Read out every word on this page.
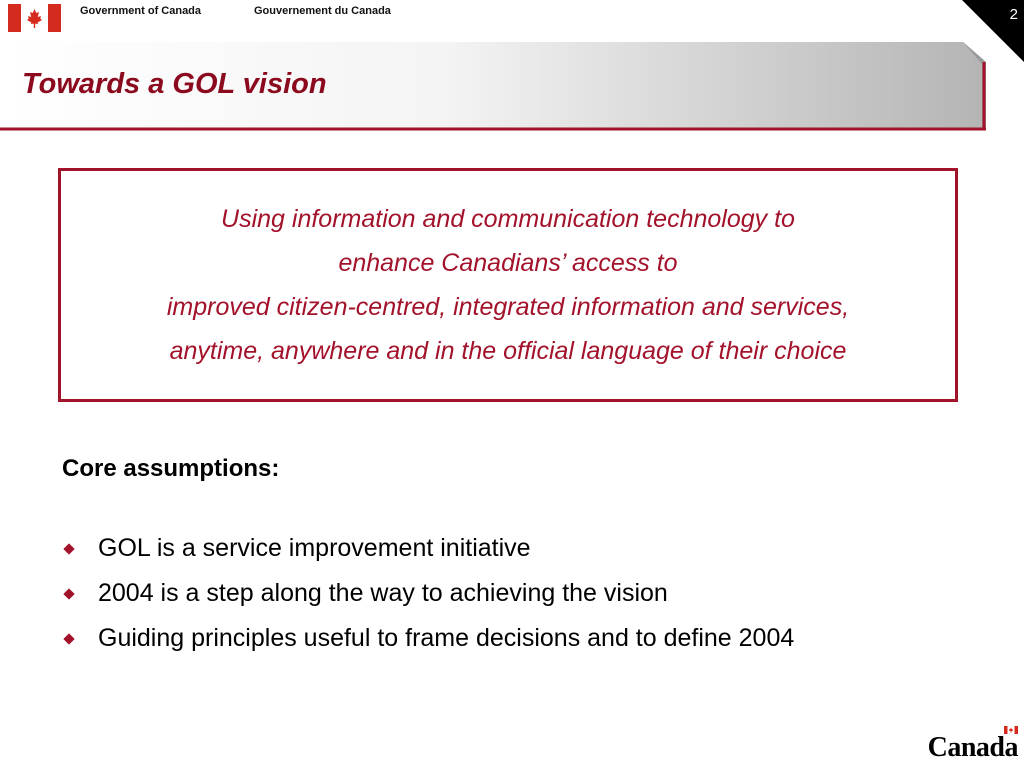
Government of Canada	Gouvernement du Canada	2
Towards a GOL vision
Using information and communication technology to
enhance Canadians’ access to
improved citizen-centred, integrated information and services,
anytime, anywhere and in the official language of their choice
Core assumptions:
GOL is a service improvement initiative
2004 is a step along the way to achieving the vision
Guiding principles useful to frame decisions and to define 2004
Canada
